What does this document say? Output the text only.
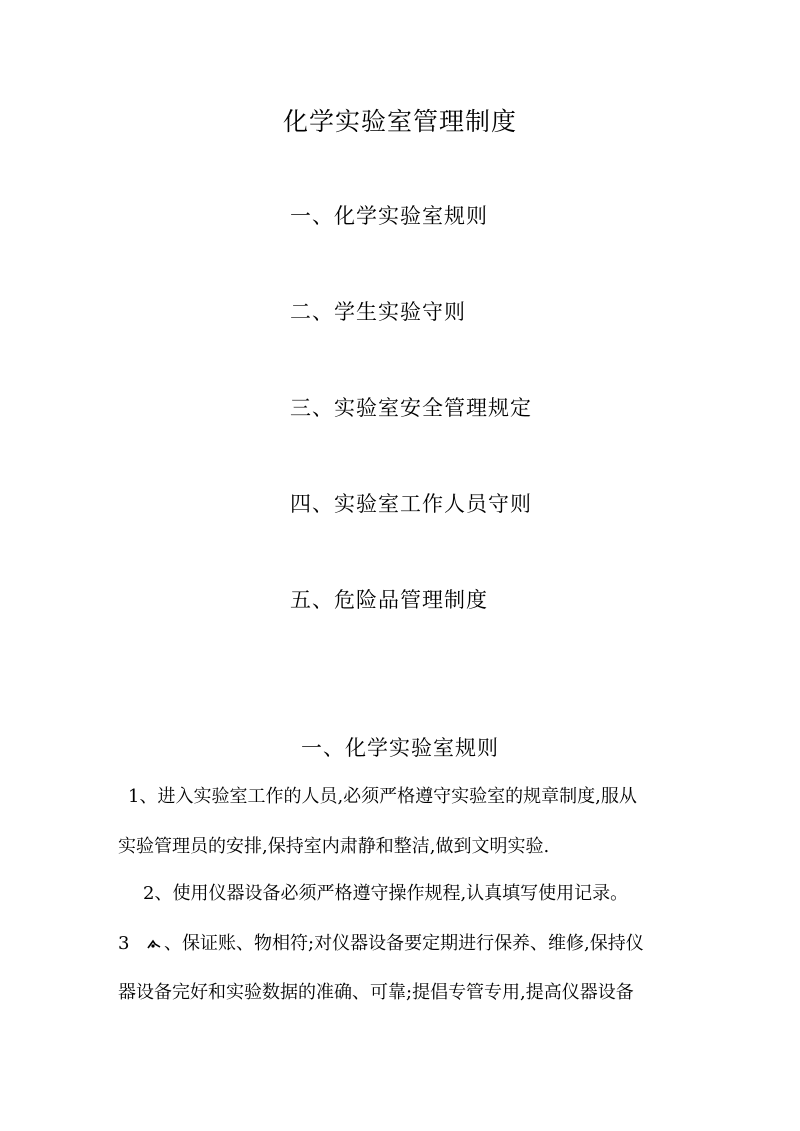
化学实验室管理制度
一、化学实验室规则
二、学生实验守则
三、实验室安全管理规定
四、实验室工作人员守则
五、危险品管理制度
一、化学实验室规则

1、进入实验室工作的人员,必须严格遵守实验室的规章制度,服从

实验管理员的安排,保持室内肃静和整洁,做到文明实验.

2、使用仪器设备必须严格遵守操作规程,认真填写使用记录。

3 、保证账、物相符;对仪器设备要定期进行保养、维修,保持仪

器设备完好和实验数据的准确、可靠;提倡专管专用,提高仪器设备
